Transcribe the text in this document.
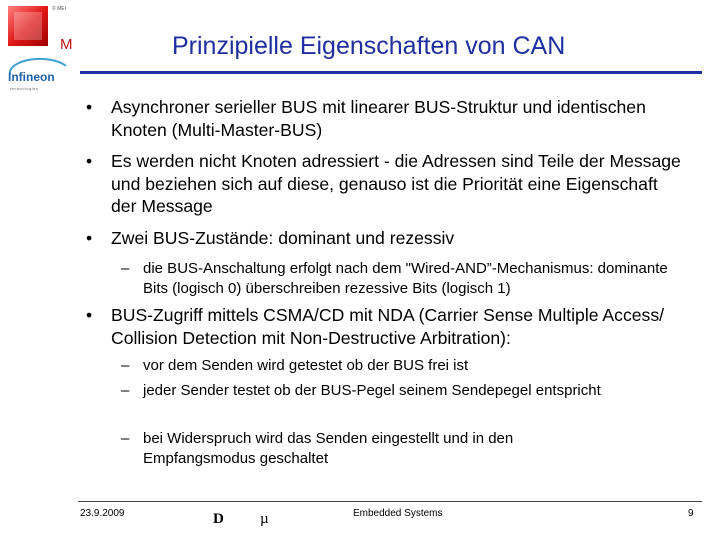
© MEI
M
Infineon
technologies
Prinzipielle Eigenschaften von CAN
• Asynchroner serieller BUS mit linearer BUS-Struktur und identischen Knoten (Multi-Master-BUS)
• Es werden nicht Knoten adressiert - die Adressen sind Teile der Message und beziehen sich auf diese, genauso ist die Priorität eine Eigenschaft der Message
• Zwei BUS-Zustände: dominant und rezessiv
– die BUS-Anschaltung erfolgt nach dem "Wired-AND”-Mechanismus: dominante Bits (logisch 0) überschreiben rezessive Bits (logisch 1)
• BUS-Zugriff mittels CSMA/CD mit NDA (Carrier Sense Multiple Access/ Collision Detection mit Non-Destructive Arbitration):
– vor dem Senden wird getestet ob der BUS frei ist
– jeder Sender testet ob der BUS-Pegel seinem Sendepegel entspricht
– bei Widerspruch wird das Senden eingestellt und in den Empfangsmodus geschaltet
23.9.2009	D µ	Embedded Systems	9
